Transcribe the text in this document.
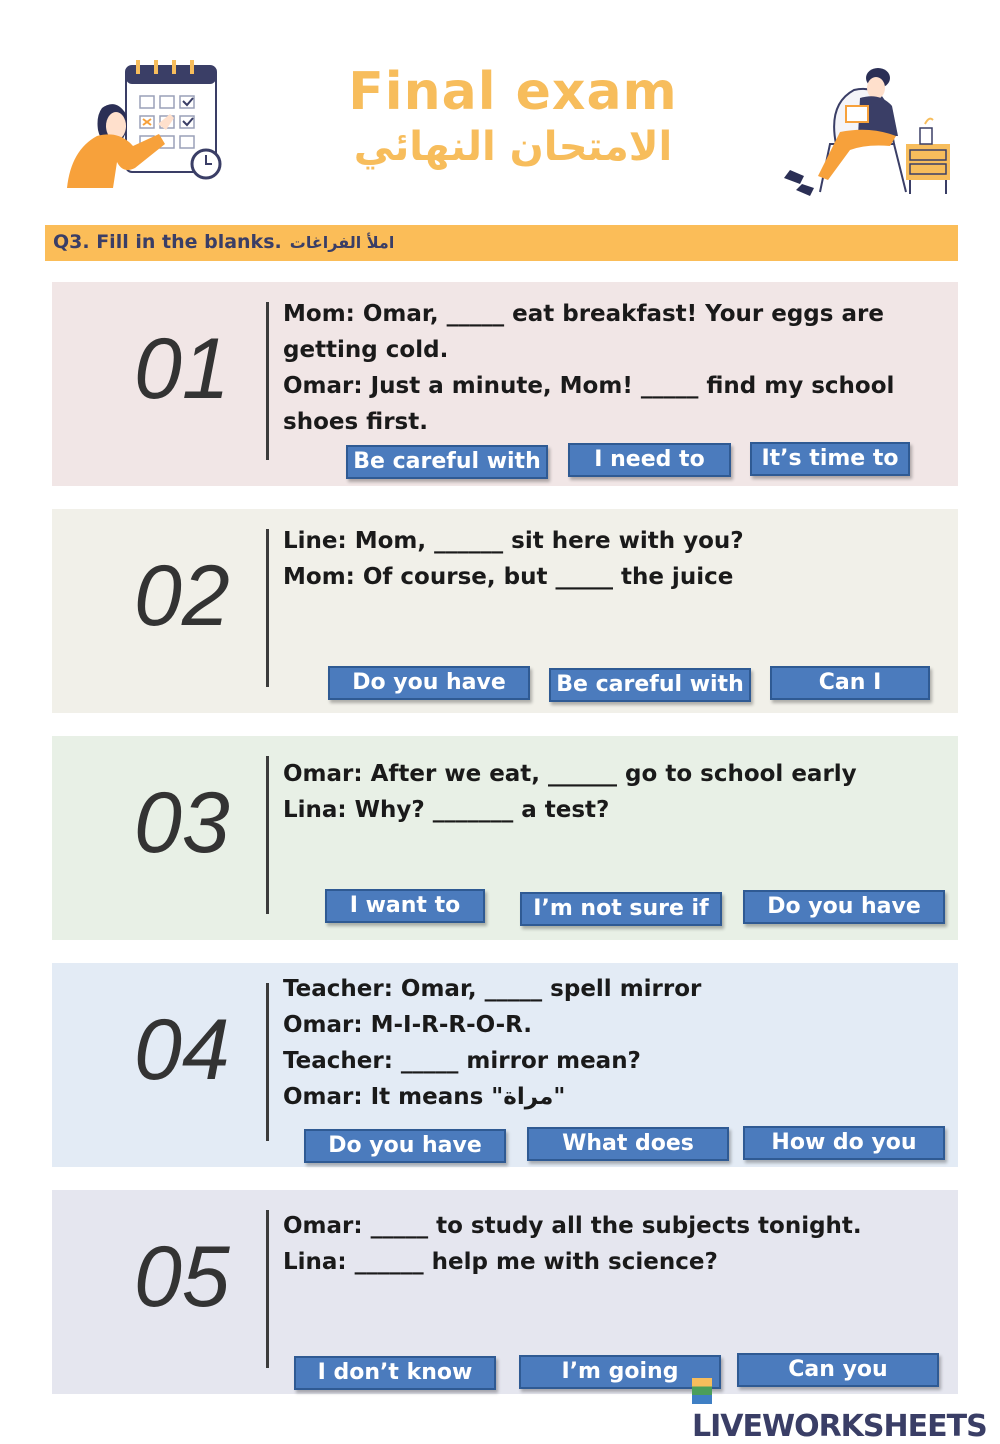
Final exam
الامتحان النهائي
Q3. Fill in the blanks. املأ الفراغات
01
Mom: Omar, _____ eat breakfast! Your eggs are
getting cold.
Omar: Just a minute, Mom! _____ find my school
shoes first.
Be careful with	I need to	It’s time to
02
Line: Mom, ______ sit here with you?
Mom: Of course, but _____ the juice
Do you have	Be careful with	Can I
03
Omar: After we eat, ______ go to school early
Lina: Why? _______ a test?
I want to	I’m not sure if	Do you have
04
Teacher: Omar, _____ spell mirror
Omar: M-I-R-R-O-R.
Teacher: _____ mirror mean?
Omar: It means "مراة"
Do you have	What does	How do you
05
Omar: _____ to study all the subjects tonight.
Lina: ______ help me with science?
I don’t know	I’m going	Can you
LIVEWORKSHEETS
